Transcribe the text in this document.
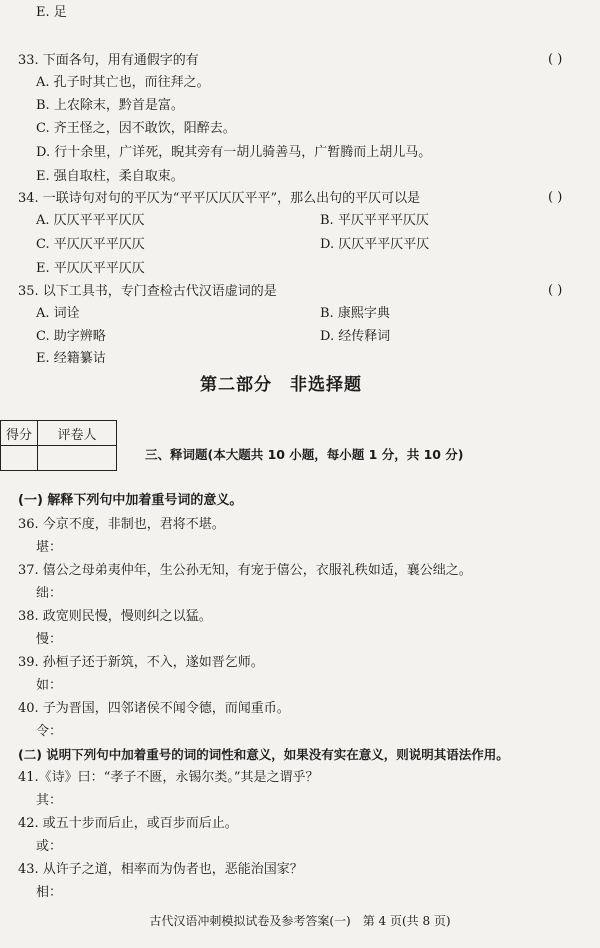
E. 足
33. 下面各句，用有通假字的有	( )
A. 孔子时其亡也，而往拜之。
B. 上农除末，黔首是富。
C. 齐王怪之，因不敢饮，阳醉去。
D. 行十余里，广详死，睨其旁有一胡儿骑善马，广暂腾而上胡儿马。
E. 强自取柱，柔自取束。
34. 一联诗句对句的平仄为“平平仄仄仄平平”，那么出句的平仄可以是	( )
A. 仄仄平平平仄仄	B. 平仄平平平仄仄
C. 平仄仄平平仄仄	D. 仄仄平平仄平仄
E. 平仄仄平平仄仄
35. 以下工具书，专门查检古代汉语虚词的是	( )
A. 词诠	B. 康熙字典
C. 助字辨略	D. 经传释词
E. 经籍纂诂
第二部分　非选择题
得分	评卷人

三、释词题(本大题共 10 小题，每小题 1 分，共 10 分)
(一) 解释下列句中加着重号词的意义。
36. 今京不度，非制也，君将不堪。
堪：
37. 僖公之母弟夷仲年，生公孙无知，有宠于僖公，衣服礼秩如适，襄公绌之。
绌：
38. 政宽则民慢，慢则纠之以猛。
慢：
39. 孙桓子还于新筑，不入，遂如晋乞师。
如：
40. 子为晋国，四邻诸侯不闻令德，而闻重币。
令：
(二) 说明下列句中加着重号的词的词性和意义，如果没有实在意义，则说明其语法作用。
41.《诗》曰：“孝子不匮，永锡尔类。”其是之谓乎？
其：
42. 或五十步而后止，或百步而后止。
或：
43. 从许子之道，相率而为伪者也，恶能治国家？
相：
古代汉语冲刺模拟试卷及参考答案(一)　第 4 页(共 8 页)
